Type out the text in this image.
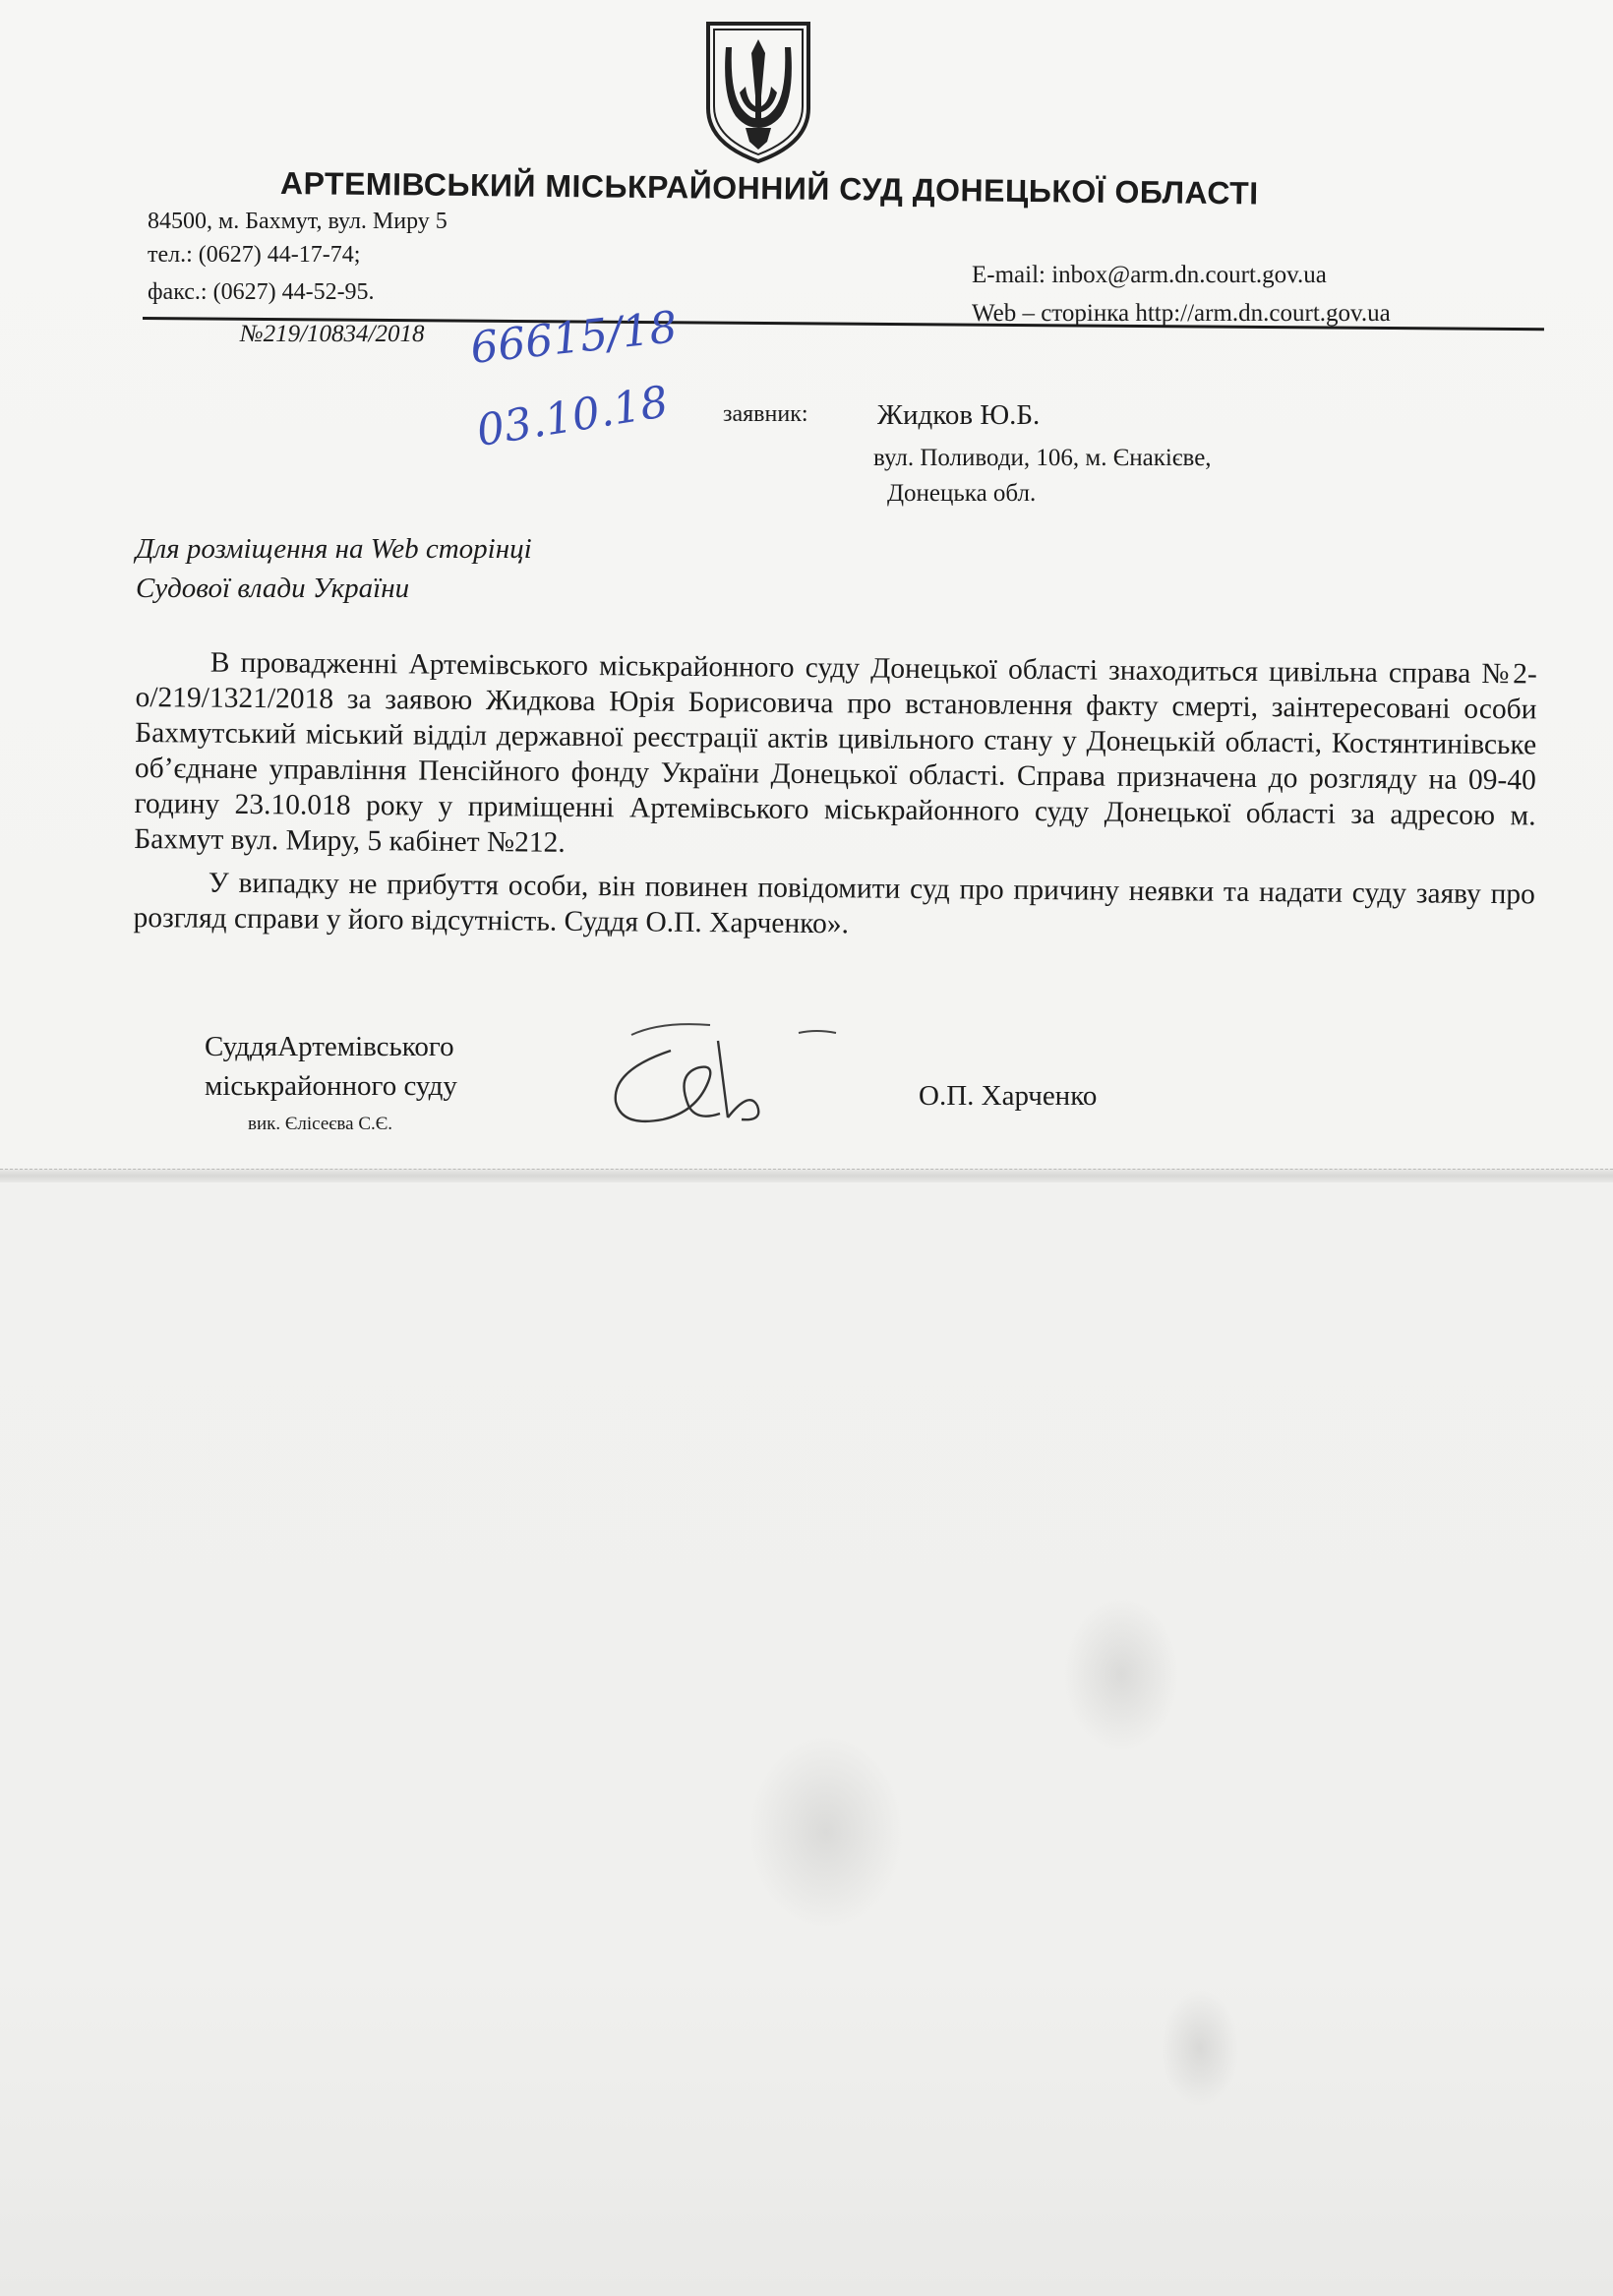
АРТЕМІВСЬКИЙ МІСЬКРАЙОННИЙ СУД ДОНЕЦЬКОЇ ОБЛАСТІ
84500, м. Бахмут, вул. Миру 5
тел.: (0627) 44-17-74;
факс.: (0627) 44-52-95.
E-mail: inbox@arm.dn.court.gov.ua
Web – сторінка http://arm.dn.court.gov.ua
№219/10834/2018 66615/18
03.10.18 заявник: Жидков Ю.Б.
вул. Поливоди, 106, м. Єнакієве,
Донецька обл.
Для розміщення на Web сторінці
Судової влади України

В провадженні Артемівського міськрайонного суду Донецької області знаходиться цивільна справа №2-о/219/1321/2018 за заявою Жидкова Юрія Борисовича про встановлення факту смерті, заінтересовані особи Бахмутський міський відділ державної реєстрації актів цивільного стану у Донецькій області, Костянтинівське об’єднане управління Пенсійного фонду України Донецької області. Справа призначена до розгляду на 09-40 годину 23.10.018 року у приміщенні Артемівського міськрайонного суду Донецької області за адресою м. Бахмут вул. Миру, 5 кабінет №212.

У випадку не прибуття особи, він повинен повідомити суд про причину неявки та надати суду заяву про розгляд справи у його відсутність. Суддя О.П. Харченко».

СуддяАртемівського
міськрайонного суду
вик. Єлісеєва С.Є.
О.П. Харченко
